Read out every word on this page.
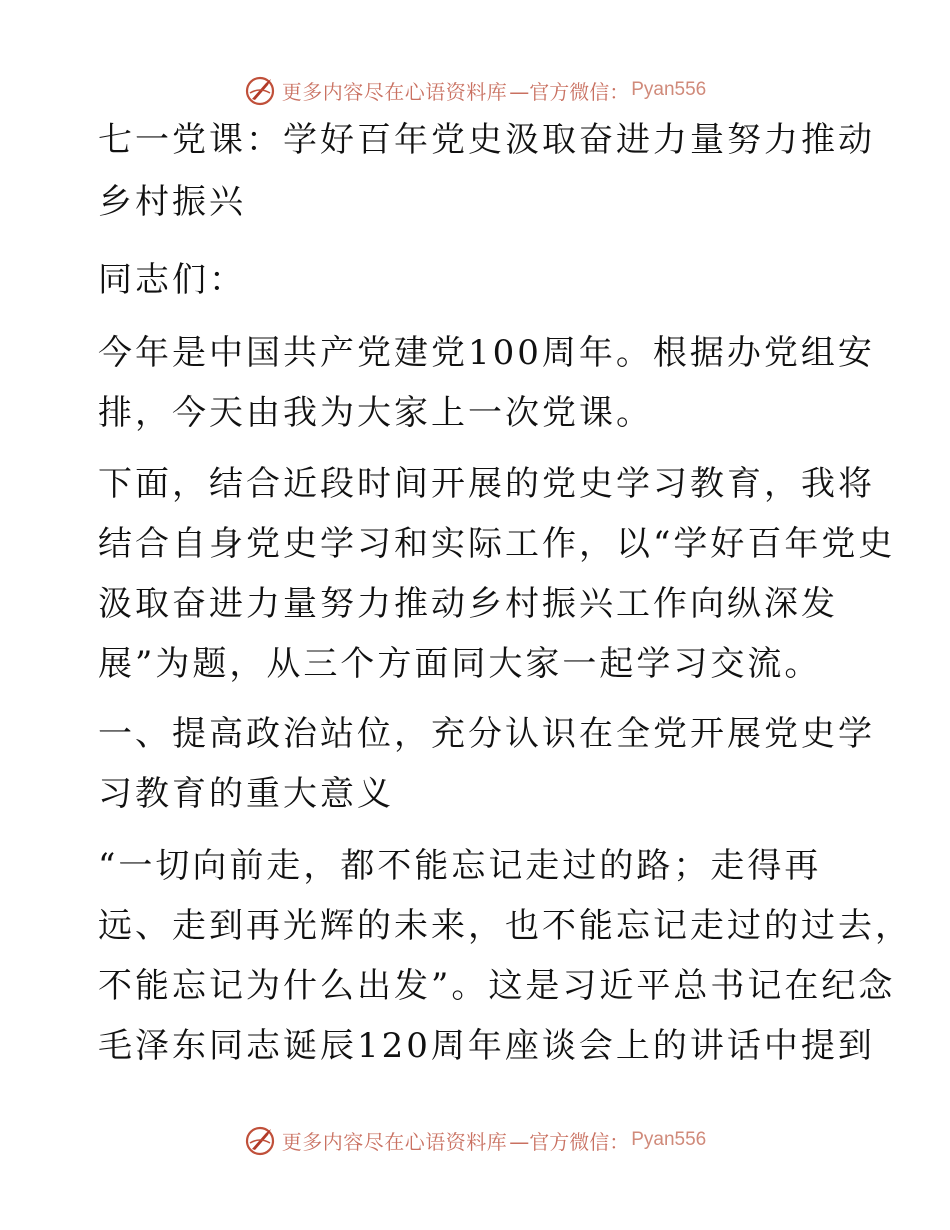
更多内容尽在心语资料库 —官方微信： Pyan556
七一党课：学好百年党史汲取奋进力量努力推动
乡村振兴
同志们：
今年是中国共产党建党100周年。根据办党组安
排，今天由我为大家上一次党课。
下面，结合近段时间开展的党史学习教育，我将
结合自身党史学习和实际工作，以“学好百年党史
汲取奋进力量努力推动乡村振兴工作向纵深发
展”为题，从三个方面同大家一起学习交流。
一、提高政治站位，充分认识在全党开展党史学
习教育的重大意义
“一切向前走，都不能忘记走过的路；走得再
远、走到再光辉的未来，也不能忘记走过的过去，
不能忘记为什么出发”。这是习近平总书记在纪念
毛泽东同志诞辰120周年座谈会上的讲话中提到
更多内容尽在心语资料库 —官方微信： Pyan556
